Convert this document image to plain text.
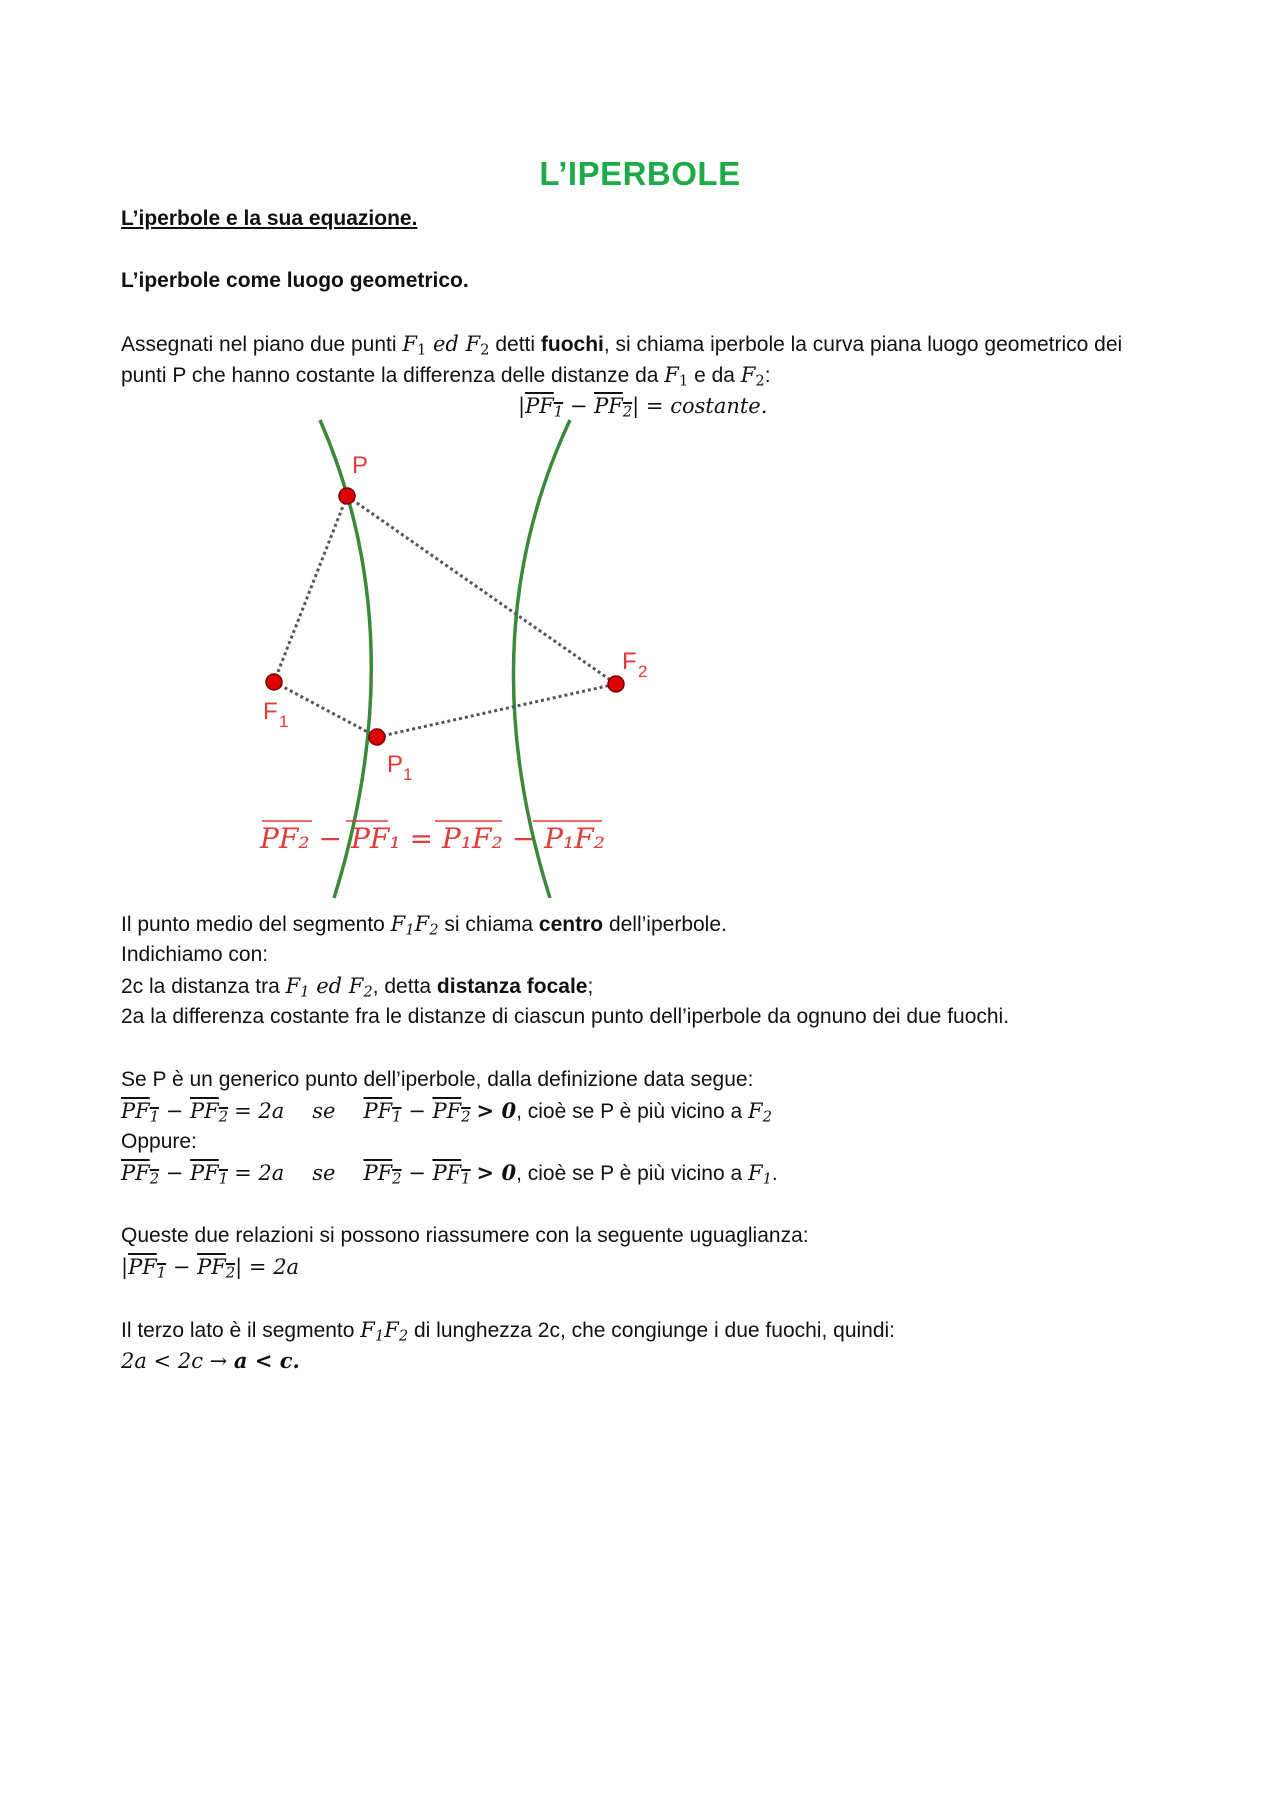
L’IPERBOLE
L’iperbole e la sua equazione.
L’iperbole come luogo geometrico.
Assegnati nel piano due punti $F_1$ ed $F_2$ detti fuochi, si chiama iperbole la curva piana luogo geometrico dei
punti P che hanno costante la differenza delle distanze da $F_1$ e da $F_2$:
$|PF_1 - PF_2|$ = costante.
P
F 1
F 2
P 1
PF₂ − PF₁ = P₁F₂ − P₁F₂
Il punto medio del segmento $F_1F_2$ si chiama centro dell’iperbole.
Indichiamo con:
2c la distanza tra $F_1$ ed $F_2$, detta distanza focale;
2a la differenza costante fra le distanze di ciascun punto dell’iperbole da ognuno dei due fuochi.
Se P è un generico punto dell’iperbole, dalla definizione data segue:
$PF_1 - PF_2 = 2a$ se $PF_1 - PF_2 > 0$, cioè se P è più vicino a $F_2$
Oppure:
$PF_2 - PF_1 = 2a$ se $PF_2 - PF_1 > 0$, cioè se P è più vicino a $F_1$.
Queste due relazioni si possono riassumere con la seguente uguaglianza:
$|PF_1 - PF_2| = 2a$
Il terzo lato è il segmento $F_1F_2$ di lunghezza 2c, che congiunge i due fuochi, quindi:
2a < 2c → a < c.
